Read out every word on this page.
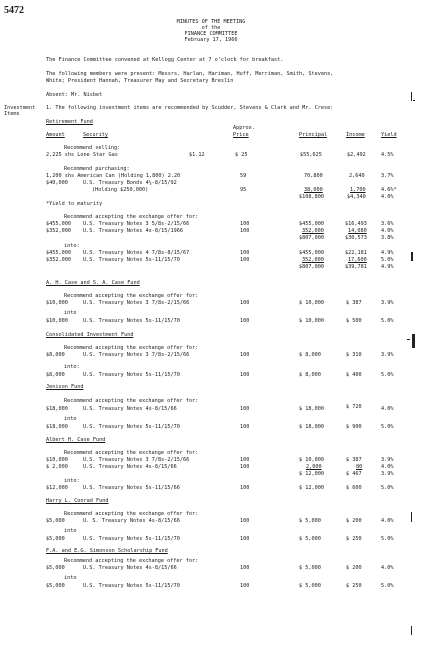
5472
MINUTES OF THE MEETING
of the
FINANCE COMMITTEE
February 17, 1966
The Finance Committee convened at Kellogg Center at 7 o'clock for breakfast.
The following members were present: Messrs. Harlan, Hariman, Huff, Merriman, Smith, Stevens,
White; President Hannah, Treasurer May and Secretary Breslin
Absent: Mr. Nisbet
Investment
Items
1. The following investment items are recommended by Scudder, Stevens & Clark and Mr. Crese:
Retirement Fund
Approx.
Amount	Security	Price	Principal	Income	Yield
Recommend selling:
2,225 shs Lone Star Gas	$1.12	$ 25	$55,625	$2,492	4.5%
Recommend purchasing:
1,200 shs American Can (Holding 1,800) 2.20	59	70,800	2,640	3.7%
$40,000	U.S. Treasury Bonds 4¼-8/15/92
(Holding $250,000)	95	38,000	1,700	4.6%*
$108,800	$4,340	4.0%
*Yield to maturity
Recommend accepting the exchange offer for:
$455,000 U.S. Treasury Notes 3 5/8s-2/15/66	100	$455,000	$16,493	3.6%
$352,000 U.S. Treasury Notes 4s-8/15/1966	100	352,000	14,080	4.0%
$807,000	$30,573	3.8%
into:
$455,000 U.S. Treasury Notes 4 7/8s-8/15/67	100	$455,000	$22,181	4.9%
$352,000 U.S. Treasury Notes 5s-11/15/70	100	352,000	17,600	5.0%
$807,000	$39,781	4.9%
A. H. Case and S. A. Case Fund
Recommend accepting the exchange offer for:
$10,000	U.S. Treasury Notes 3 7/8s-2/15/66	100	$ 10,000	$ 387	3.9%
into
$10,000	U.S. Treasury Notes 5s-11/15/70	100	$ 10,000	$ 500	5.0%
Consolidated Investment Fund
Recommend accepting the exchange offer for:
$8,000	U.S. Treasury Notes 3 7/8s-2/15/66	100	$ 8,000	$ 310	3.9%
into:
$8,000	U.S. Treasury Notes 5s-11/15/70	100	$ 8,000	$ 400	5.0%
Jenison Fund
Recommend accepting the exchange offer for:
$18,000	U.S. Treasury Notes 4s-8/15/66	100	$ 18,000	$ 720	4.0%
into
$18,000	U.S. Treasury Notes 5s-11/15/70	100	$ 18,000	$ 900	5.0%
Albert H. Case Fund
Recommend accepting the exchange offer for:
$10,000	U.S. Treasury Notes 3 7/8s-2/15/66	100	$ 10,000	$ 387	3.9%
$ 2,000	U.S. Treasury Notes 4s-8/15/66	100	2,000	80	4.0%
$ 12,000	$ 467	3.9%
into:
$12,000	U.S. Treasury Notes 5s-11/15/66	100	$ 12,000	$ 600	5.0%
Harry L. Conrad Fund
Recommend accepting the exchange offer for:
$5,000	U. S. Treasury Notes 4s-8/15/66	100	$ 5,000	$ 200	4.0%
into
$5,000	U.S. Treasury Notes 5s-11/15/70	100	$ 5,000	$ 250	5.0%
F.A. and E.G. Simonson Scholarship Fund
Recommend accepting the exchange offer for:
$5,000	U.S. Treasury Notes 4s-8/15/66	100	$ 5,000	$ 200	4.0%
into
$5,000	U.S. Treasury Notes 5s-11/15/70	100	$ 5,000	$ 250	5.0%
